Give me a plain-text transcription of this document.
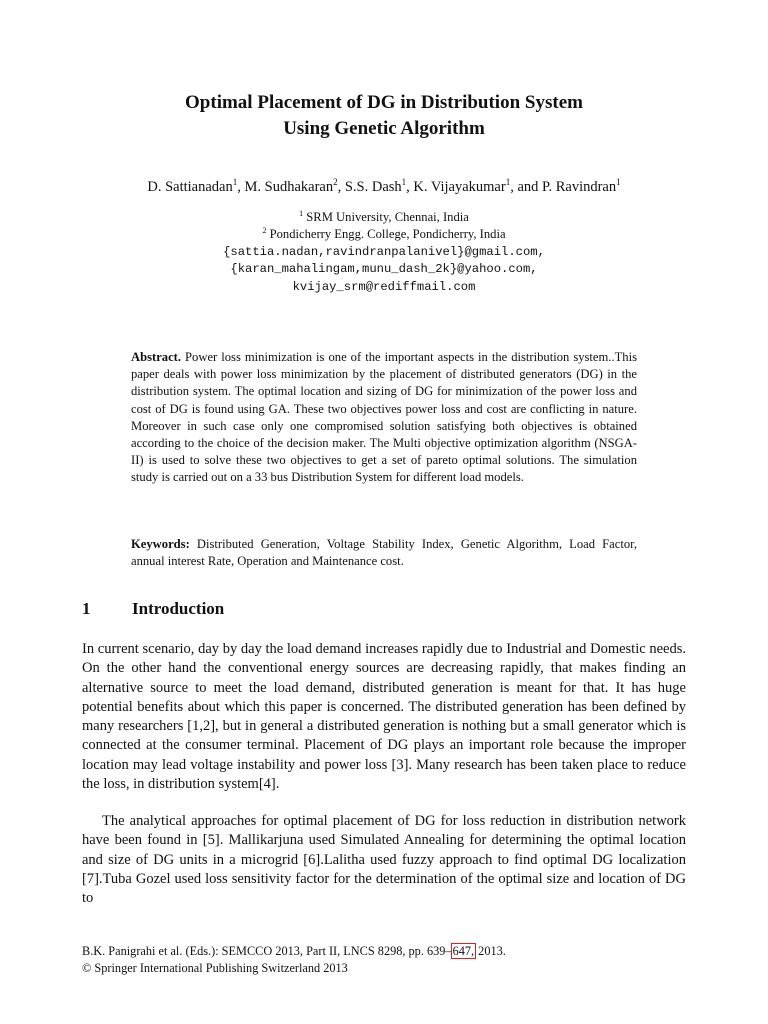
Optimal Placement of DG in Distribution System
Using Genetic Algorithm
D. Sattianadan$^1$, M. Sudhakaran$^2$, S.S. Dash$^1$, K. Vijayakumar$^1$, and P. Ravindran$^1$
$^1$ SRM University, Chennai, India
$^2$ Pondicherry Engg. College, Pondicherry, India
{sattia.nadan,ravindranpalanivel}@gmail.com,
{karan_mahalingam,munu_dash_2k}@yahoo.com,
kvijay_srm@rediffmail.com
Abstract. Power loss minimization is one of the important aspects in the distribution system..This paper deals with power loss minimization by the placement of distributed generators (DG) in the distribution system. The optimal location and sizing of DG for minimization of the power loss and cost of DG is found using GA. These two objectives power loss and cost are conflicting in nature. Moreover in such case only one compromised solution satisfying both objectives is obtained according to the choice of the decision maker. The Multi objective optimization algorithm (NSGA-II) is used to solve these two objectives to get a set of pareto optimal solutions. The simulation study is carried out on a 33 bus Distribution System for different load models.
Keywords: Distributed Generation, Voltage Stability Index, Genetic Algorithm, Load Factor, annual interest Rate, Operation and Maintenance cost.
1 Introduction
In current scenario, day by day the load demand increases rapidly due to Industrial and Domestic needs. On the other hand the conventional energy sources are decreasing rapidly, that makes finding an alternative source to meet the load demand, distributed generation is meant for that. It has huge potential benefits about which this paper is concerned. The distributed generation has been defined by many researchers [1,2], but in general a distributed generation is nothing but a small generator which is connected at the consumer terminal. Placement of DG plays an important role because the improper location may lead voltage instability and power loss [3]. Many research has been taken place to reduce the loss, in distribution system[4].
The analytical approaches for optimal placement of DG for loss reduction in distribution network have been found in [5]. Mallikarjuna used Simulated Annealing for determining the optimal location and size of DG units in a microgrid [6].Lalitha used fuzzy approach to find optimal DG localization [7].Tuba Gozel used loss sensitivity factor for the determination of the optimal size and location of DG to
B.K. Panigrahi et al. (Eds.): SEMCCO 2013, Part II, LNCS 8298, pp. 639–647, 2013.
© Springer International Publishing Switzerland 2013
